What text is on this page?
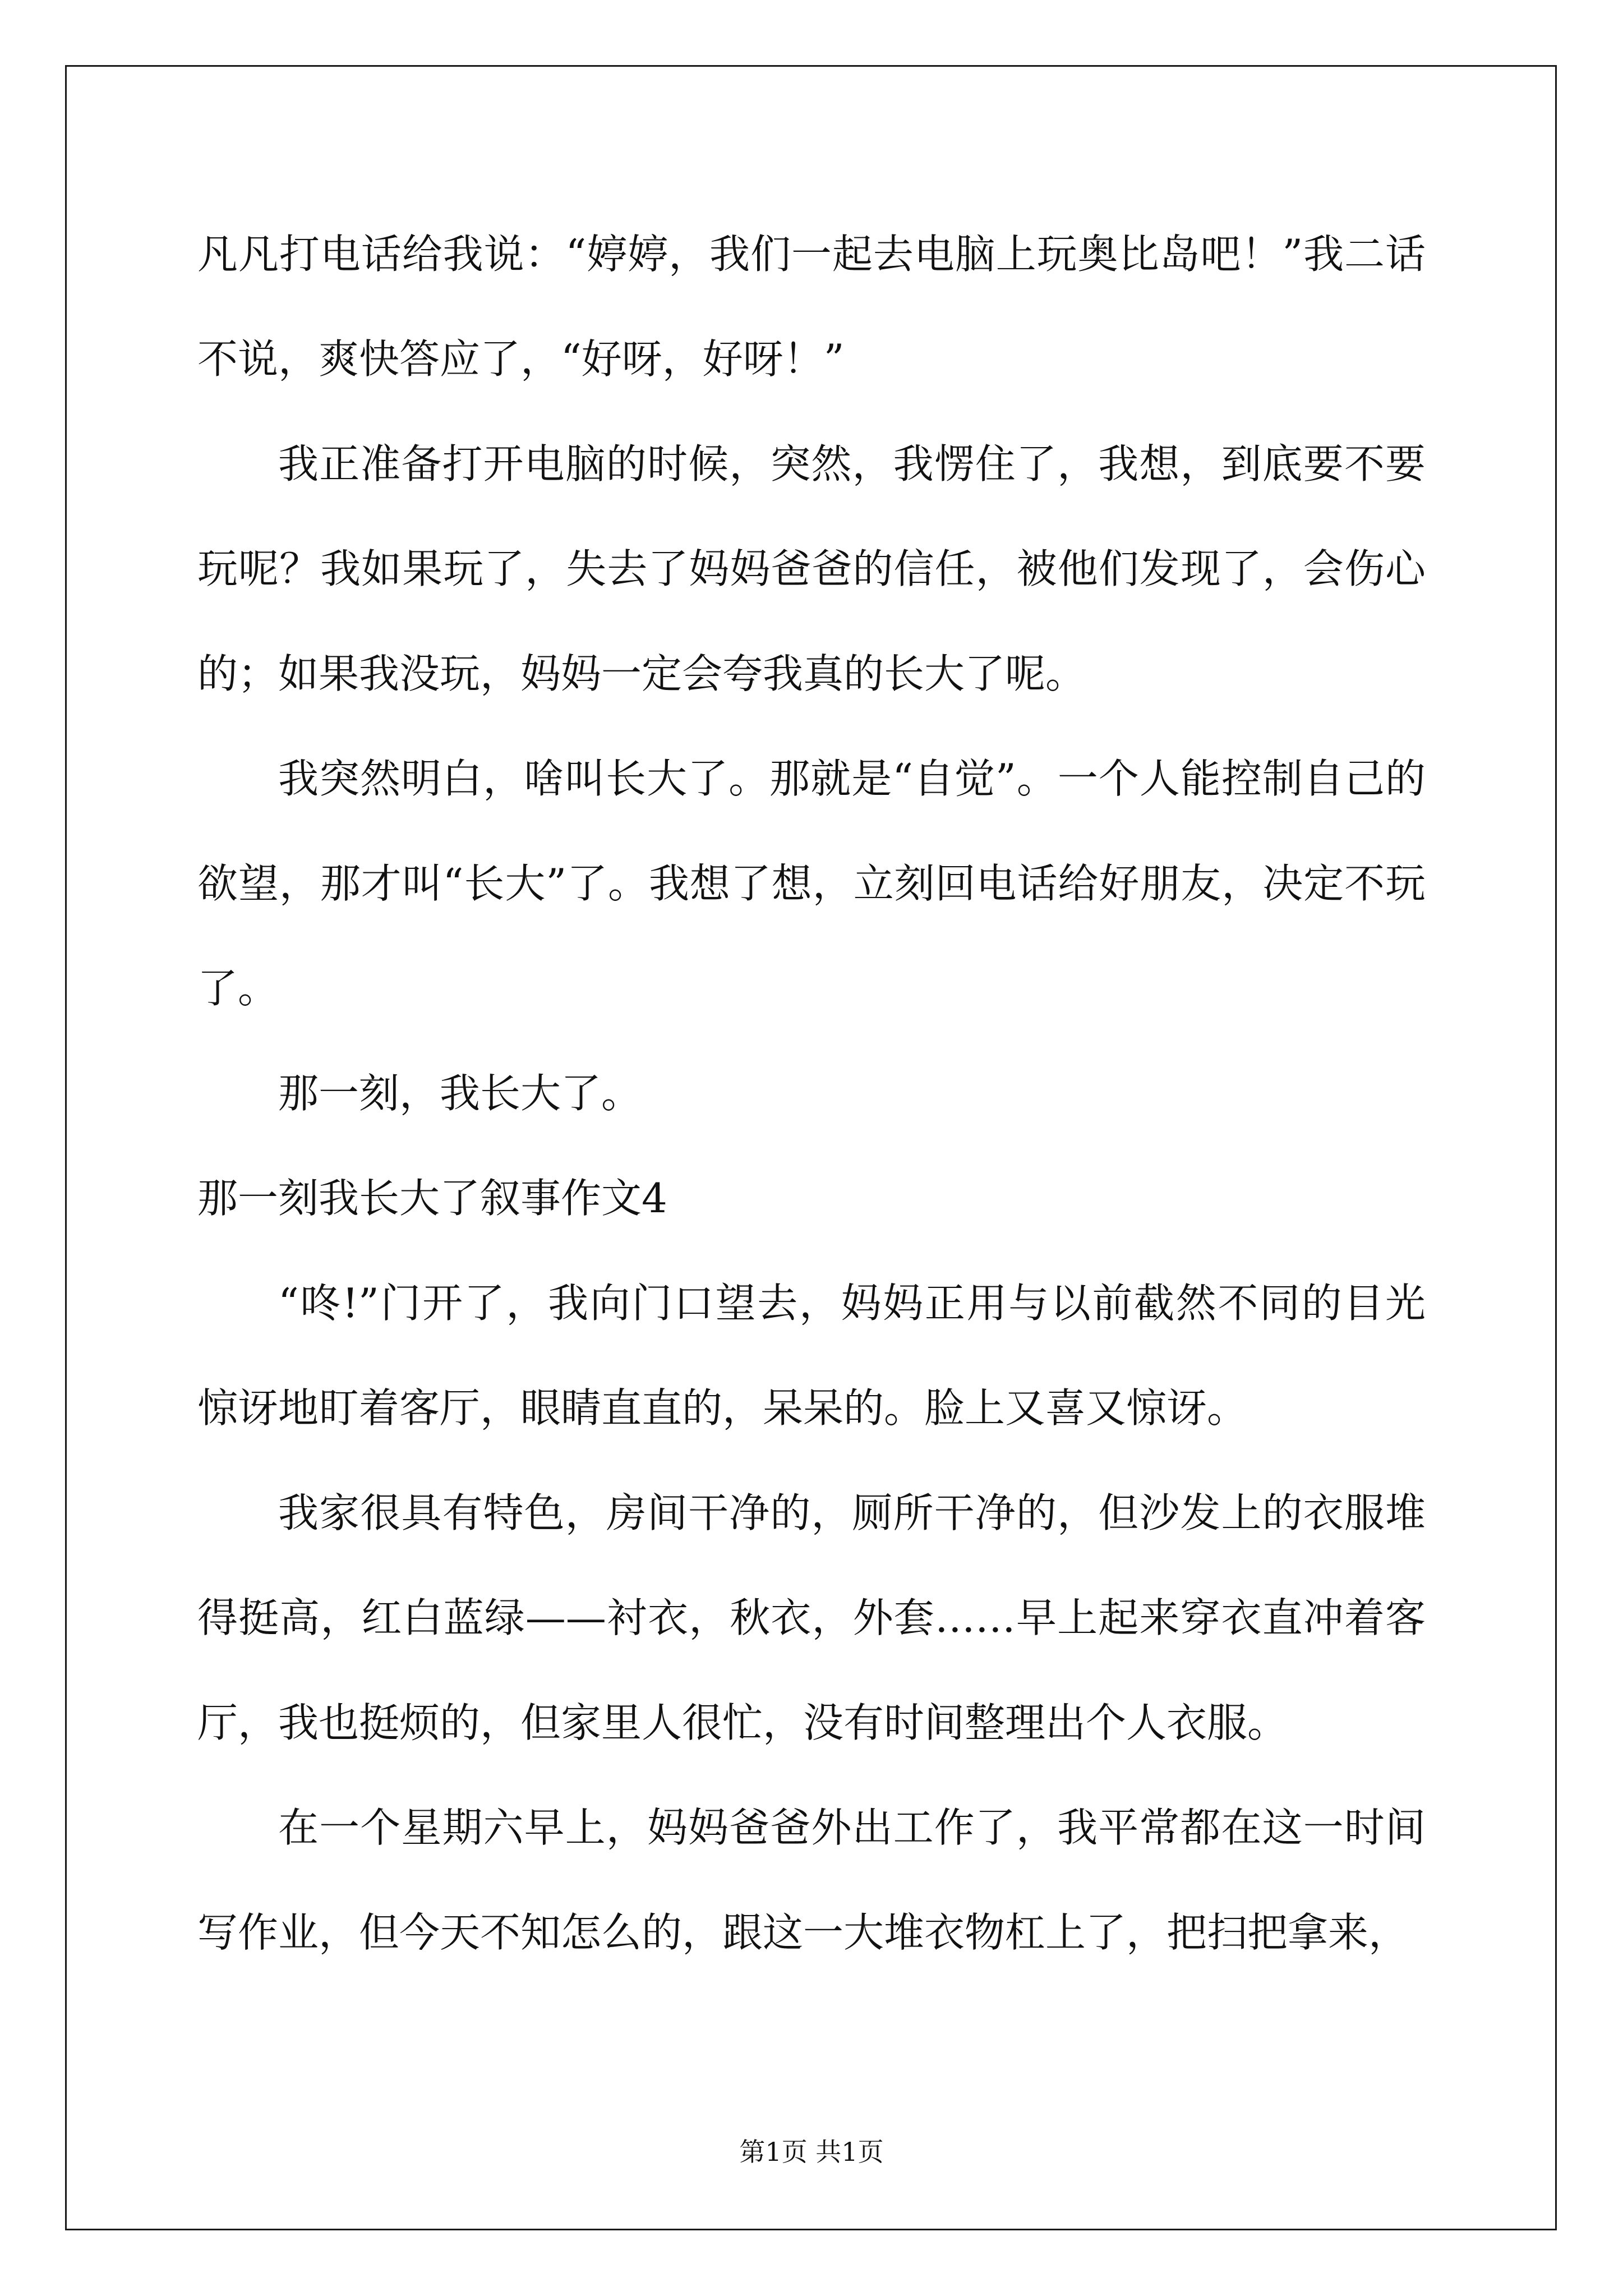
凡凡打电话给我说：“婷婷，我们一起去电脑上玩奥比岛吧！”我二话不说，爽快答应了，“好呀，好呀！”

我正准备打开电脑的时候，突然，我愣住了，我想，到底要不要玩呢？我如果玩了，失去了妈妈爸爸的信任，被他们发现了，会伤心的；如果我没玩，妈妈一定会夸我真的长大了呢。

我突然明白，啥叫长大了。那就是“自觉”。一个人能控制自己的欲望，那才叫“长大”了。我想了想，立刻回电话给好朋友，决定不玩了。

那一刻，我长大了。

那一刻我长大了叙事作文4

“咚!”门开了，我向门口望去，妈妈正用与以前截然不同的目光惊讶地盯着客厅，眼睛直直的，呆呆的。脸上又喜又惊讶。

我家很具有特色，房间干净的，厕所干净的，但沙发上的衣服堆得挺高，红白蓝绿——衬衣，秋衣，外套……早上起来穿衣直冲着客厅，我也挺烦的，但家里人很忙，没有时间整理出个人衣服。

在一个星期六早上，妈妈爸爸外出工作了，我平常都在这一时间写作业，但今天不知怎么的，跟这一大堆衣物杠上了，把扫把拿来，

第1页 共1页
